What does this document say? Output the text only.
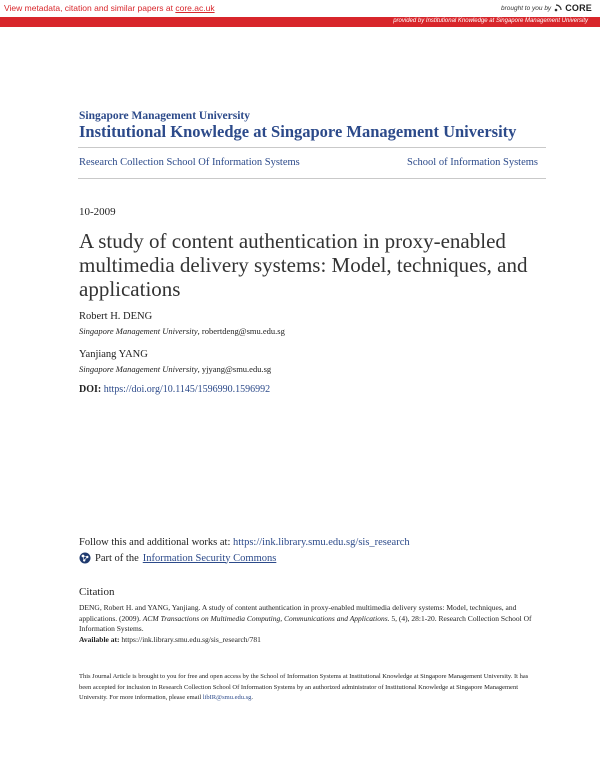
View metadata, citation and similar papers at core.ac.uk	brought to you by CORE
provided by Institutional Knowledge at Singapore Management University
Singapore Management University
Institutional Knowledge at Singapore Management University
Research Collection School Of Information Systems	School of Information Systems
10-2009
A study of content authentication in proxy-enabled multimedia delivery systems: Model, techniques, and applications
Robert H. DENG
Singapore Management University, robertdeng@smu.edu.sg
Yanjiang YANG
Singapore Management University, yjyang@smu.edu.sg
DOI: https://doi.org/10.1145/1596990.1596992
Follow this and additional works at: https://ink.library.smu.edu.sg/sis_research
Part of the Information Security Commons
Citation
DENG, Robert H. and YANG, Yanjiang. A study of content authentication in proxy-enabled multimedia delivery systems: Model, techniques, and applications. (2009). ACM Transactions on Multimedia Computing, Communications and Applications. 5, (4), 28:1-20. Research Collection School Of Information Systems.
Available at: https://ink.library.smu.edu.sg/sis_research/781
This Journal Article is brought to you for free and open access by the School of Information Systems at Institutional Knowledge at Singapore Management University. It has been accepted for inclusion in Research Collection School Of Information Systems by an authorized administrator of Institutional Knowledge at Singapore Management University. For more information, please email libIR@smu.edu.sg.
